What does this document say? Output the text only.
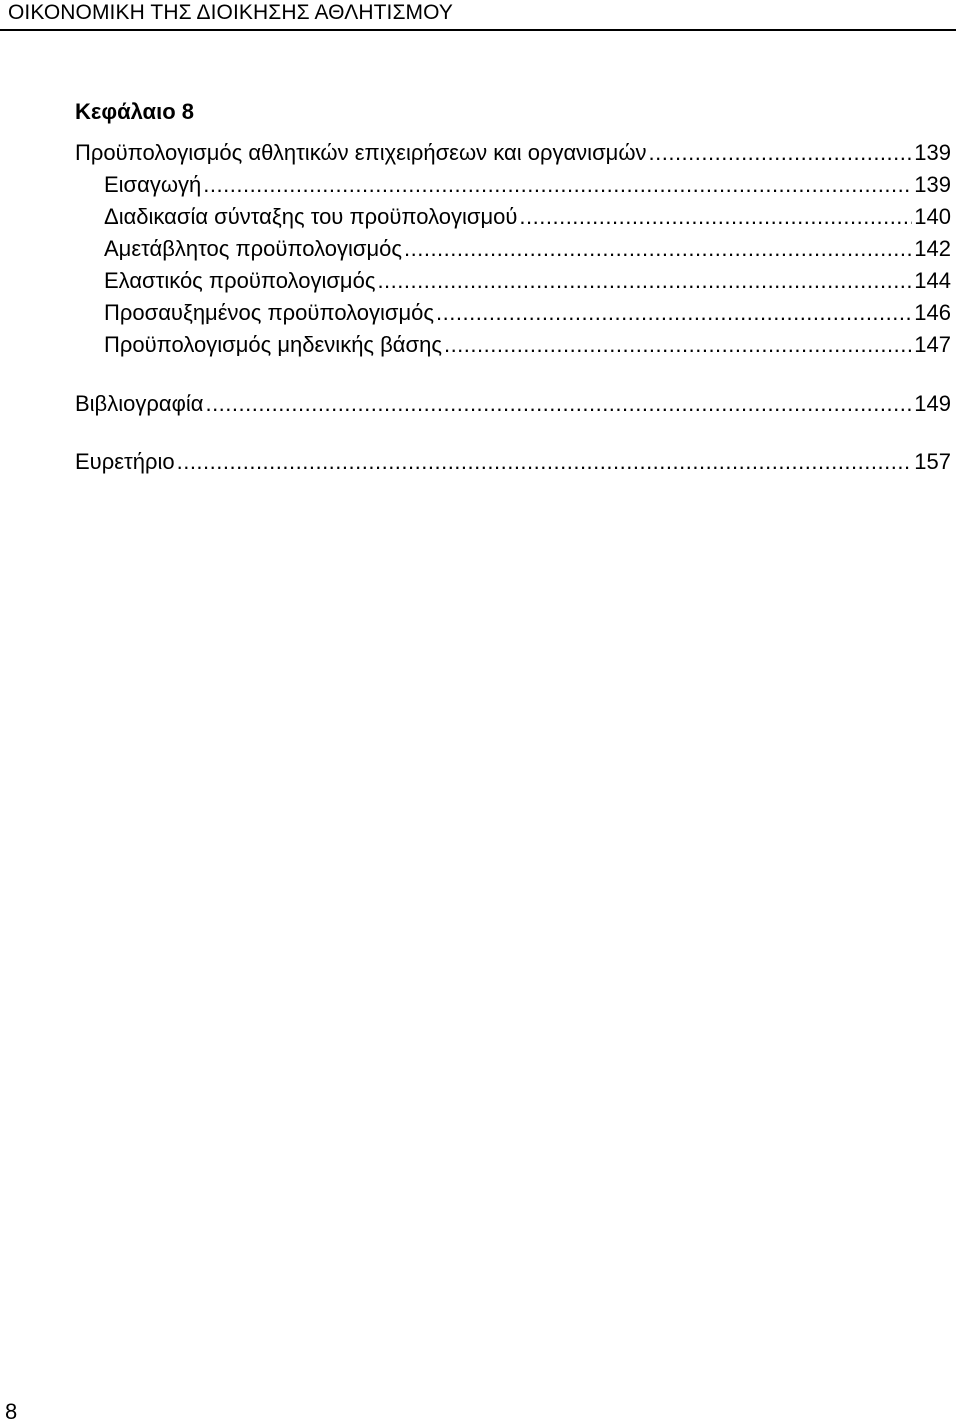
ΟΙΚΟΝΟΜΙΚΗ ΤΗΣ ΔΙΟΙΚΗΣΗΣ ΑΘΛΗΤΙΣΜΟΥ
Κεφάλαιο 8
Προϋπολογισμός αθλητικών επιχειρήσεων και οργανισμών .....	139
Εισαγωγή .....	139
Διαδικασία σύνταξης του προϋπολογισμού .....	140
Αμετάβλητος προϋπολογισμός .....	142
Ελαστικός προϋπολογισμός .....	144
Προσαυξημένος προϋπολογισμός .....	146
Προϋπολογισμός μηδενικής βάσης .....	147
Βιβλιογραφία .....	149
Ευρετήριο .....	157
8
